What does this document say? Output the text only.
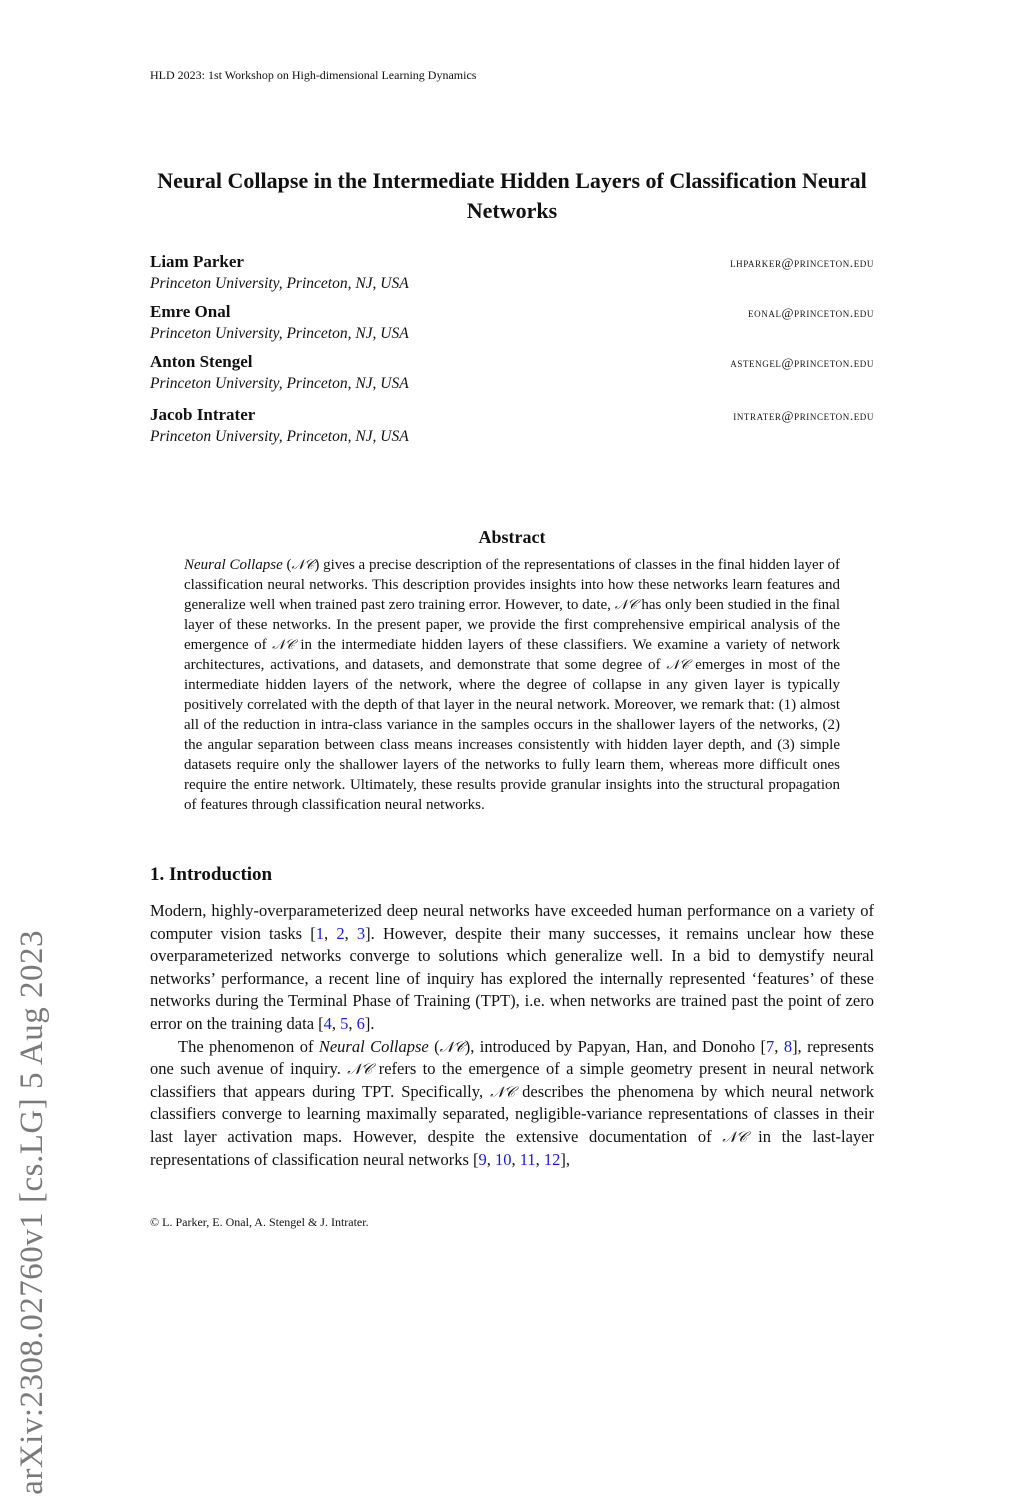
HLD 2023: 1st Workshop on High-dimensional Learning Dynamics
arXiv:2308.02760v1 [cs.LG] 5 Aug 2023
Neural Collapse in the Intermediate Hidden Layers of Classification Neural Networks
Liam Parker	lhparker@princeton.edu
Princeton University, Princeton, NJ, USA
Emre Onal	eonal@princeton.edu
Princeton University, Princeton, NJ, USA
Anton Stengel	astengel@princeton.edu
Princeton University, Princeton, NJ, USA
Jacob Intrater	intrater@princeton.edu
Princeton University, Princeton, NJ, USA
Abstract
Neural Collapse (𝒩𝒞) gives a precise description of the representations of classes in the final hidden layer of classification neural networks. This description provides insights into how these networks learn features and generalize well when trained past zero training error. However, to date, 𝒩𝒞 has only been studied in the final layer of these networks. In the present paper, we provide the first comprehensive empirical analysis of the emergence of 𝒩𝒞 in the intermediate hidden layers of these classifiers. We examine a variety of network architectures, activations, and datasets, and demonstrate that some degree of 𝒩𝒞 emerges in most of the intermediate hidden layers of the network, where the degree of collapse in any given layer is typically positively correlated with the depth of that layer in the neural network. Moreover, we remark that: (1) almost all of the reduction in intra-class variance in the samples occurs in the shallower layers of the networks, (2) the angular separation between class means increases consistently with hidden layer depth, and (3) simple datasets require only the shallower layers of the networks to fully learn them, whereas more difficult ones require the entire network. Ultimately, these results provide granular insights into the structural propagation of features through classification neural networks.
1. Introduction

Modern, highly-overparameterized deep neural networks have exceeded human performance on a variety of computer vision tasks [1, 2, 3]. However, despite their many successes, it remains unclear how these overparameterized networks converge to solutions which generalize well. In a bid to demystify neural networks’ performance, a recent line of inquiry has explored the internally represented ‘features’ of these networks during the Terminal Phase of Training (TPT), i.e. when networks are trained past the point of zero error on the training data [4, 5, 6].

The phenomenon of Neural Collapse (𝒩𝒞), introduced by Papyan, Han, and Donoho [7, 8], represents one such avenue of inquiry. 𝒩𝒞 refers to the emergence of a simple geometry present in neural network classifiers that appears during TPT. Specifically, 𝒩𝒞 describes the phenomena by which neural network classifiers converge to learning maximally separated, negligible-variance representations of classes in their last layer activation maps. However, despite the extensive documentation of 𝒩𝒞 in the last-layer representations of classification neural networks [9, 10, 11, 12],

© L. Parker, E. Onal, A. Stengel & J. Intrater.
